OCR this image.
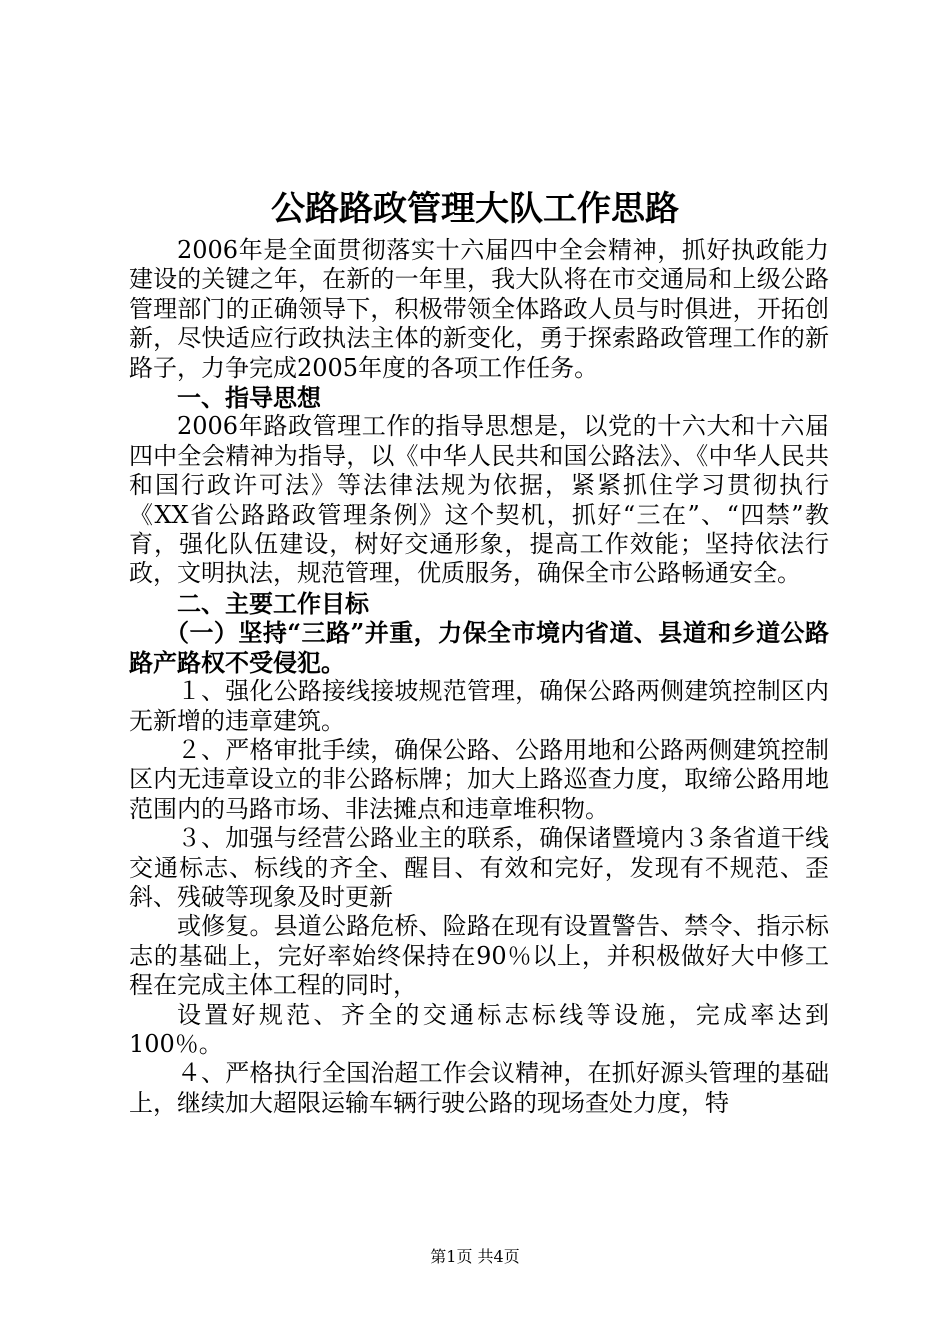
公路路政管理大队工作思路

2006年是全面贯彻落实十六届四中全会精神，抓好执政能力建设的关键之年，在新的一年里，我大队将在市交通局和上级公路管理部门的正确领导下，积极带领全体路政人员与时俱进，开拓创新，尽快适应行政执法主体的新变化，勇于探索路政管理工作的新路子，力争完成2005年度的各项工作任务。

一、指导思想

2006年路政管理工作的指导思想是，以党的十六大和十六届四中全会精神为指导，以《中华人民共和国公路法》、《中华人民共和国行政许可法》等法律法规为依据，紧紧抓住学习贯彻执行《XX省公路路政管理条例》这个契机，抓好“三在”、“四禁”教育，强化队伍建设，树好交通形象，提高工作效能；坚持依法行政，文明执法，规范管理，优质服务，确保全市公路畅通安全。

二、主要工作目标

（一）坚持“三路”并重，力保全市境内省道、县道和乡道公路路产路权不受侵犯。

１、强化公路接线接坡规范管理，确保公路两侧建筑控制区内无新增的违章建筑。

２、严格审批手续，确保公路、公路用地和公路两侧建筑控制区内无违章设立的非公路标牌；加大上路巡查力度，取缔公路用地范围内的马路市场、非法摊点和违章堆积物。

３、加强与经营公路业主的联系，确保诸暨境内３条省道干线交通标志、标线的齐全、醒目、有效和完好，发现有不规范、歪斜、残破等现象及时更新

或修复。县道公路危桥、险路在现有设置警告、禁令、指示标志的基础上，完好率始终保持在90％以上，并积极做好大中修工程在完成主体工程的同时，

设置好规范、齐全的交通标志标线等设施，完成率达到100％。

４、严格执行全国治超工作会议精神，在抓好源头管理的基础上，继续加大超限运输车辆行驶公路的现场查处力度，特

第1页 共4页
